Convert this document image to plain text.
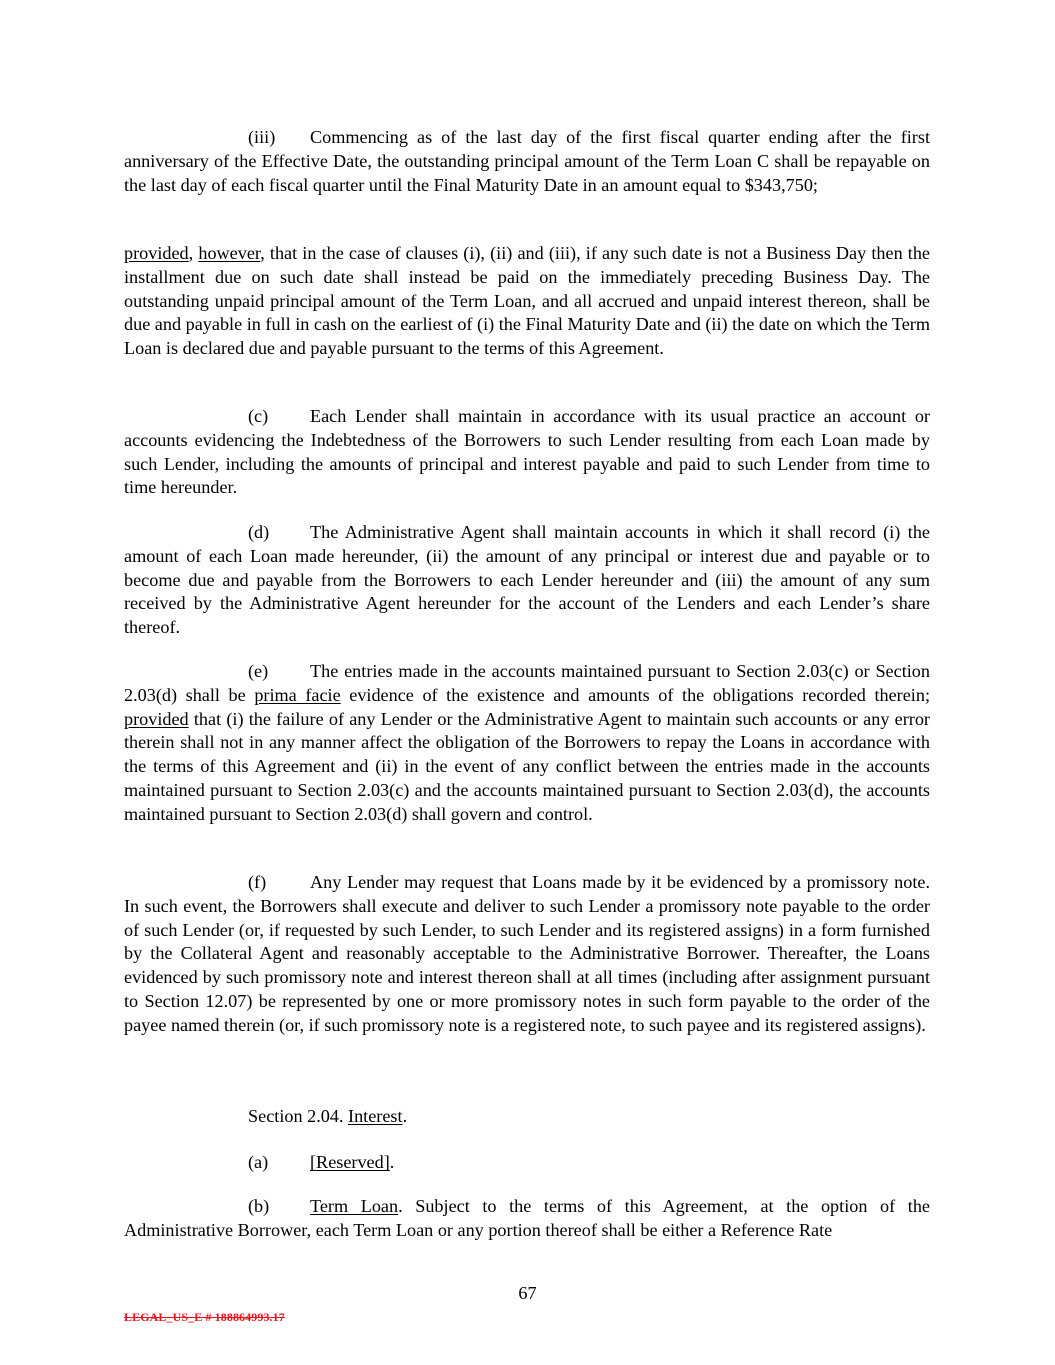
(iii) Commencing as of the last day of the first fiscal quarter ending after the first anniversary of the Effective Date, the outstanding principal amount of the Term Loan C shall be repayable on the last day of each fiscal quarter until the Final Maturity Date in an amount equal to $343,750;

provided, however, that in the case of clauses (i), (ii) and (iii), if any such date is not a Business Day then the installment due on such date shall instead be paid on the immediately preceding Business Day. The outstanding unpaid principal amount of the Term Loan, and all accrued and unpaid interest thereon, shall be due and payable in full in cash on the earliest of (i) the Final Maturity Date and (ii) the date on which the Term Loan is declared due and payable pursuant to the terms of this Agreement.

(c) Each Lender shall maintain in accordance with its usual practice an account or accounts evidencing the Indebtedness of the Borrowers to such Lender resulting from each Loan made by such Lender, including the amounts of principal and interest payable and paid to such Lender from time to time hereunder.

(d) The Administrative Agent shall maintain accounts in which it shall record (i) the amount of each Loan made hereunder, (ii) the amount of any principal or interest due and payable or to become due and payable from the Borrowers to each Lender hereunder and (iii) the amount of any sum received by the Administrative Agent hereunder for the account of the Lenders and each Lender’s share thereof.

(e) The entries made in the accounts maintained pursuant to Section 2.03(c) or Section 2.03(d) shall be prima facie evidence of the existence and amounts of the obligations recorded therein; provided that (i) the failure of any Lender or the Administrative Agent to maintain such accounts or any error therein shall not in any manner affect the obligation of the Borrowers to repay the Loans in accordance with the terms of this Agreement and (ii) in the event of any conflict between the entries made in the accounts maintained pursuant to Section 2.03(c) and the accounts maintained pursuant to Section 2.03(d), the accounts maintained pursuant to Section 2.03(d) shall govern and control.

(f) Any Lender may request that Loans made by it be evidenced by a promissory note. In such event, the Borrowers shall execute and deliver to such Lender a promissory note payable to the order of such Lender (or, if requested by such Lender, to such Lender and its registered assigns) in a form furnished by the Collateral Agent and reasonably acceptable to the Administrative Borrower. Thereafter, the Loans evidenced by such promissory note and interest thereon shall at all times (including after assignment pursuant to Section 12.07) be represented by one or more promissory notes in such form payable to the order of the payee named therein (or, if such promissory note is a registered note, to such payee and its registered assigns).

Section 2.04. Interest.

(a) [Reserved].

(b) Term Loan. Subject to the terms of this Agreement, at the option of the Administrative Borrower, each Term Loan or any portion thereof shall be either a Reference Rate

67
LEGAL_US_E # 188864993.17
